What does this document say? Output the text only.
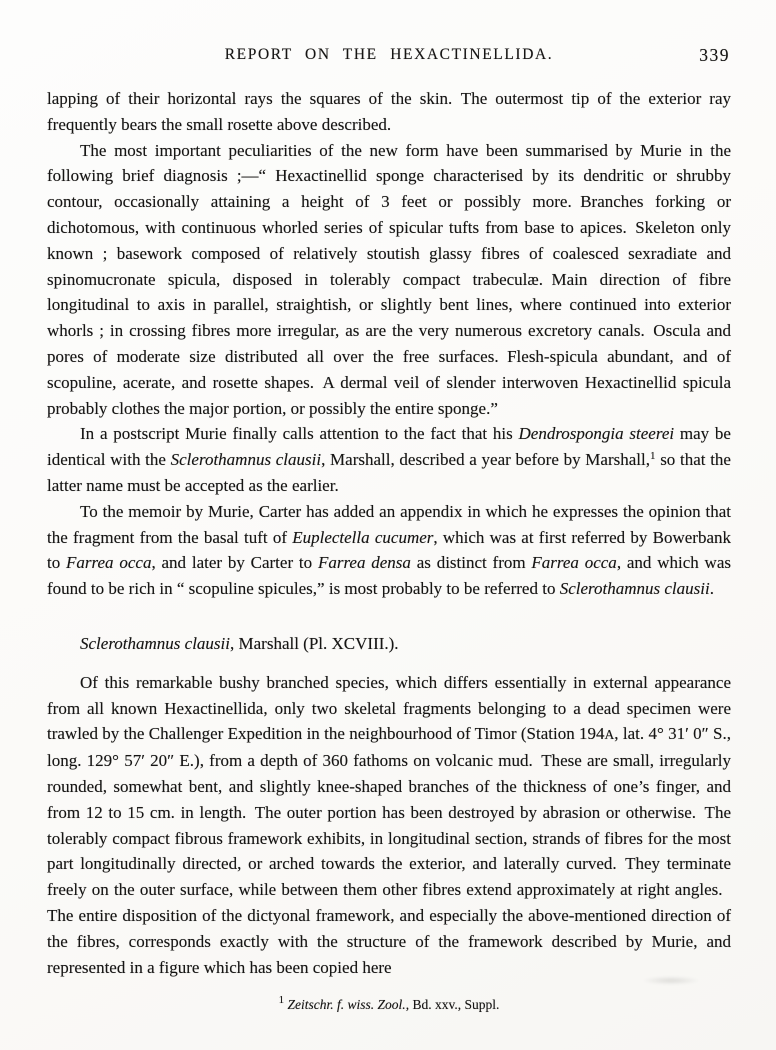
REPORT ON THE HEXACTINELLIDA.	339

lapping of their horizontal rays the squares of the skin. The outermost tip of the exterior ray frequently bears the small rosette above described.

The most important peculiarities of the new form have been summarised by Murie in the following brief diagnosis ;—“ Hexactinellid sponge characterised by its dendritic or shrubby contour, occasionally attaining a height of 3 feet or possibly more. Branches forking or dichotomous, with continuous whorled series of spicular tufts from base to apices. Skeleton only known ; basework composed of relatively stoutish glassy fibres of coalesced sexradiate and spinomucronate spicula, disposed in tolerably compact trabeculæ. Main direction of fibre longitudinal to axis in parallel, straightish, or slightly bent lines, where continued into exterior whorls ; in crossing fibres more irregular, as are the very numerous excretory canals. Oscula and pores of moderate size distributed all over the free surfaces. Flesh-spicula abundant, and of scopuline, acerate, and rosette shapes. A dermal veil of slender interwoven Hexactinellid spicula probably clothes the major portion, or possibly the entire sponge.”

In a postscript Murie finally calls attention to the fact that his Dendrospongia steerei may be identical with the Sclerothamnus clausii, Marshall, described a year before by Marshall,$^1$ so that the latter name must be accepted as the earlier.

To the memoir by Murie, Carter has added an appendix in which he expresses the opinion that the fragment from the basal tuft of Euplectella cucumer, which was at first referred by Bowerbank to Farrea occa, and later by Carter to Farrea densa as distinct from Farrea occa, and which was found to be rich in “ scopuline spicules,” is most probably to be referred to Sclerothamnus clausii.

Sclerothamnus clausii, Marshall (Pl. XCVIII.).

Of this remarkable bushy branched species, which differs essentially in external appearance from all known Hexactinellida, only two skeletal fragments belonging to a dead specimen were trawled by the Challenger Expedition in the neighbourhood of Timor (Station 194A, lat. 4° 31′ 0″ S., long. 129° 57′ 20″ E.), from a depth of 360 fathoms on volcanic mud. These are small, irregularly rounded, somewhat bent, and slightly knee-shaped branches of the thickness of one’s finger, and from 12 to 15 cm. in length. The outer portion has been destroyed by abrasion or otherwise. The tolerably compact fibrous framework exhibits, in longitudinal section, strands of fibres for the most part longitudinally directed, or arched towards the exterior, and laterally curved. They terminate freely on the outer surface, while between them other fibres extend approximately at right angles. The entire disposition of the dictyonal framework, and especially the above-mentioned direction of the fibres, corresponds exactly with the structure of the framework described by Murie, and represented in a figure which has been copied here

$^1$ Zeitschr. f. wiss. Zool., Bd. xxv., Suppl.
